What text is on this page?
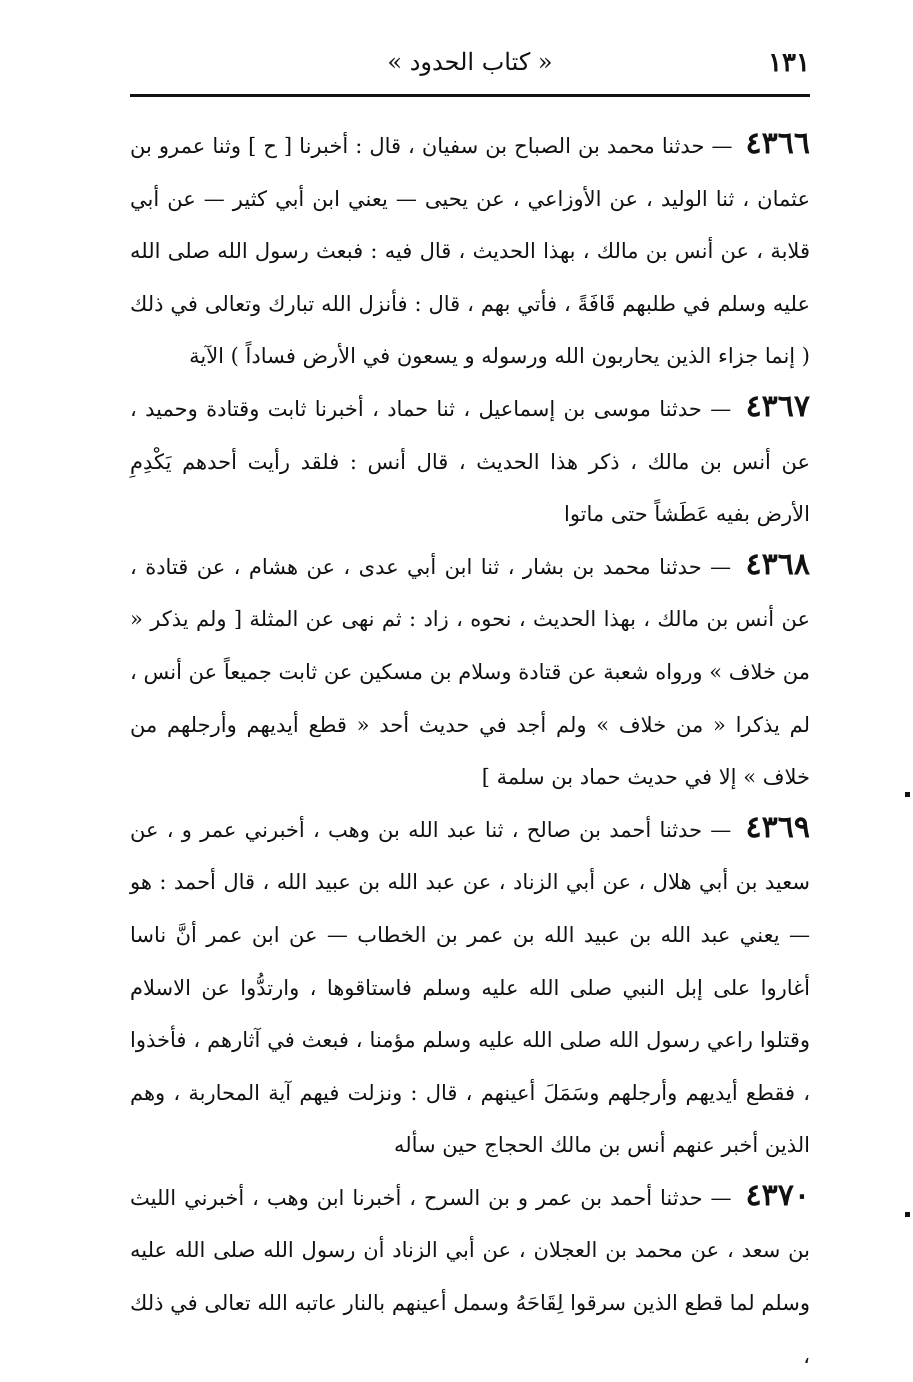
١٣١
« كتاب الحدود »

٤٣٦٦ — حدثنا محمد بن الصباح بن سفيان ، قال : أخبرنا [ ح ] وثنا عمرو بن عثمان ، ثنا الوليد ، عن الأوزاعي ، عن يحيى — يعني ابن أبي كثير — عن أبي قلابة ، عن أنس بن مالك ، بهذا الحديث ، قال فيه : فبعث رسول الله صلى الله عليه وسلم في طلبهم قَافَةً ، فأتي بهم ، قال : فأنزل الله تبارك وتعالى في ذلك ( إنما جزاء الذين يحاربون الله ورسوله و يسعون في الأرض فساداً ) الآية

٤٣٦٧ — حدثنا موسى بن إسماعيل ، ثنا حماد ، أخبرنا ثابت وقتادة وحميد ، عن أنس بن مالك ، ذكر هذا الحديث ، قال أنس : فلقد رأيت أحدهم يَكْدِمِ الأرض بفيه عَطَشاً حتى ماتوا

٤٣٦٨ — حدثنا محمد بن بشار ، ثنا ابن أبي عدى ، عن هشام ، عن قتادة ، عن أنس بن مالك ، بهذا الحديث ، نحوه ، زاد : ثم نهى عن المثلة [ ولم يذكر « من خلاف » ورواه شعبة عن قتادة وسلام بن مسكين عن ثابت جميعاً عن أنس ، لم يذكرا « من خلاف » ولم أجد في حديث أحد « قطع أيديهم وأرجلهم من خلاف » إلا في حديث حماد بن سلمة ]

٤٣٦٩ — حدثنا أحمد بن صالح ، ثنا عبد الله بن وهب ، أخبرني عمر و ، عن سعيد بن أبي هلال ، عن أبي الزناد ، عن عبد الله بن عبيد الله ، قال أحمد : هو — يعني عبد الله بن عبيد الله بن عمر بن الخطاب — عن ابن عمر أنَّ ناسا أغاروا على إبل النبي صلى الله عليه وسلم فاستاقوها ، وارتدُّوا عن الاسلام وقتلوا راعي رسول الله صلى الله عليه وسلم مؤمنا ، فبعث في آثارهم ، فأخذوا ، فقطع أيديهم وأرجلهم وسَمَلَ أعينهم ، قال : ونزلت فيهم آية المحاربة ، وهم الذين أخبر عنهم أنس بن مالك الحجاج حين سأله

٤٣٧٠ — حدثنا أحمد بن عمر و بن السرح ، أخبرنا ابن وهب ، أخبرني الليث بن سعد ، عن محمد بن العجلان ، عن أبي الزناد أن رسول الله صلى الله عليه وسلم لما قطع الذين سرقوا لِقَاحَهُ وسمل أعينهم بالنار عاتبه الله تعالى في ذلك ،
